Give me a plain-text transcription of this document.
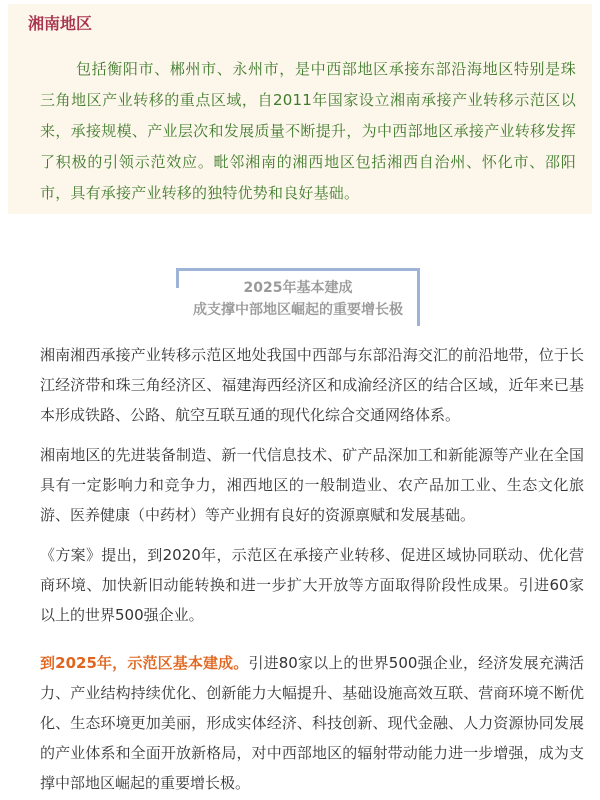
湘南地区
包括衡阳市、郴州市、永州市，是中西部地区承接东部沿海地区特别是珠三角地区产业转移的重点区域，自2011年国家设立湘南承接产业转移示范区以来，承接规模、产业层次和发展质量不断提升，为中西部地区承接产业转移发挥了积极的引领示范效应。毗邻湘南的湘西地区包括湘西自治州、怀化市、邵阳市，具有承接产业转移的独特优势和良好基础。
2025年基本建成
成支撑中部地区崛起的重要增长极
湘南湘西承接产业转移示范区地处我国中西部与东部沿海交汇的前沿地带，位于长江经济带和珠三角经济区、福建海西经济区和成渝经济区的结合区域，近年来已基本形成铁路、公路、航空互联互通的现代化综合交通网络体系。
湘南地区的先进装备制造、新一代信息技术、矿产品深加工和新能源等产业在全国具有一定影响力和竞争力，湘西地区的一般制造业、农产品加工业、生态文化旅游、医养健康（中药材）等产业拥有良好的资源禀赋和发展基础。
《方案》提出，到2020年，示范区在承接产业转移、促进区域协同联动、优化营商环境、加快新旧动能转换和进一步扩大开放等方面取得阶段性成果。引进60家以上的世界500强企业。
到2025年，示范区基本建成。引进80家以上的世界500强企业，经济发展充满活力、产业结构持续优化、创新能力大幅提升、基础设施高效互联、营商环境不断优化、生态环境更加美丽，形成实体经济、科技创新、现代金融、人力资源协同发展的产业体系和全面开放新格局，对中西部地区的辐射带动能力进一步增强，成为支撑中部地区崛起的重要增长极。
